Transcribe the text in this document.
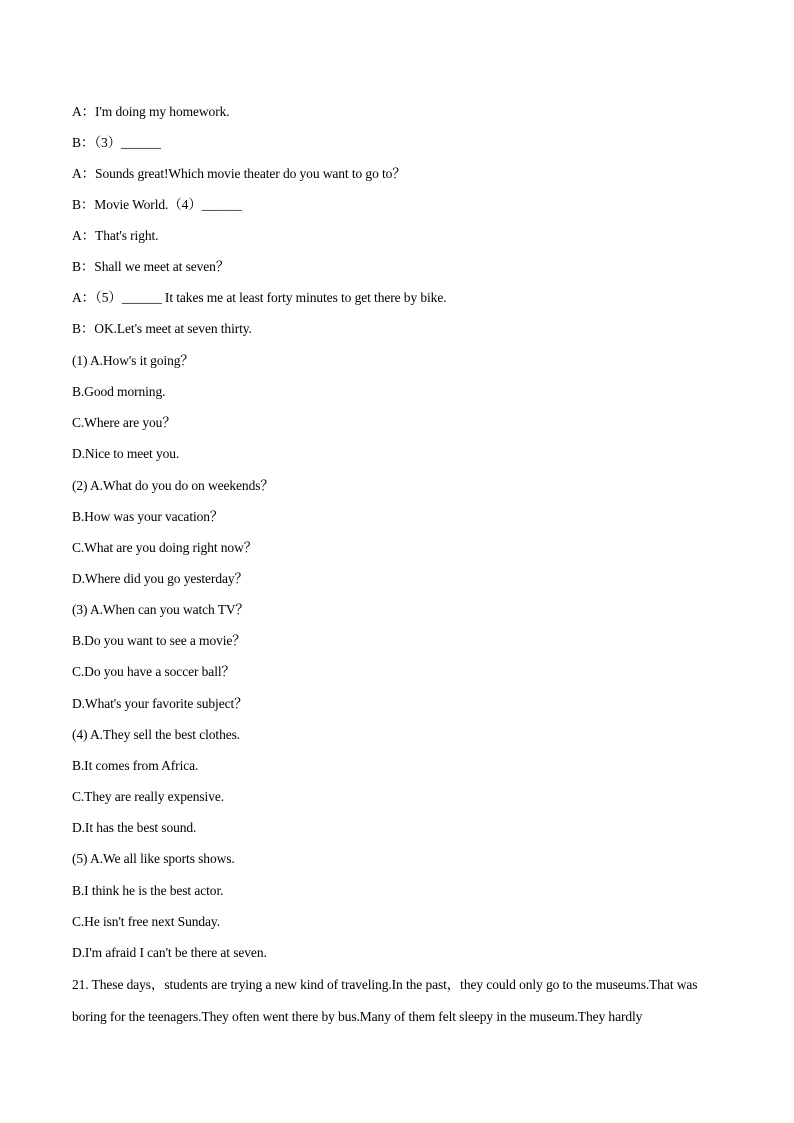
A：I'm doing my homework.
B：（3）______
A：Sounds great!Which movie theater do you want to go to？
B：Movie World.（4）______
A：That's right.
B：Shall we meet at seven？
A：（5）______ It takes me at least forty minutes to get there by bike.
B：OK.Let's meet at seven thirty.
(1) A.How's it going？
B.Good morning.
C.Where are you？
D.Nice to meet you.
(2) A.What do you do on weekends？
B.How was your vacation？
C.What are you doing right now？
D.Where did you go yesterday？
(3) A.When can you watch TV？
B.Do you want to see a movie？
C.Do you have a soccer ball？
D.What's your favorite subject？
(4) A.They sell the best clothes.
B.It comes from Africa.
C.They are really expensive.
D.It has the best sound.
(5) A.We all like sports shows.
B.I think he is the best actor.
C.He isn't free next Sunday.
D.I'm afraid I can't be there at seven.
21. These days，students are trying a new kind of traveling.In the past，they could only go to the museums.That was boring for the teenagers.They often went there by bus.Many of them felt sleepy in the museum.They hardly
